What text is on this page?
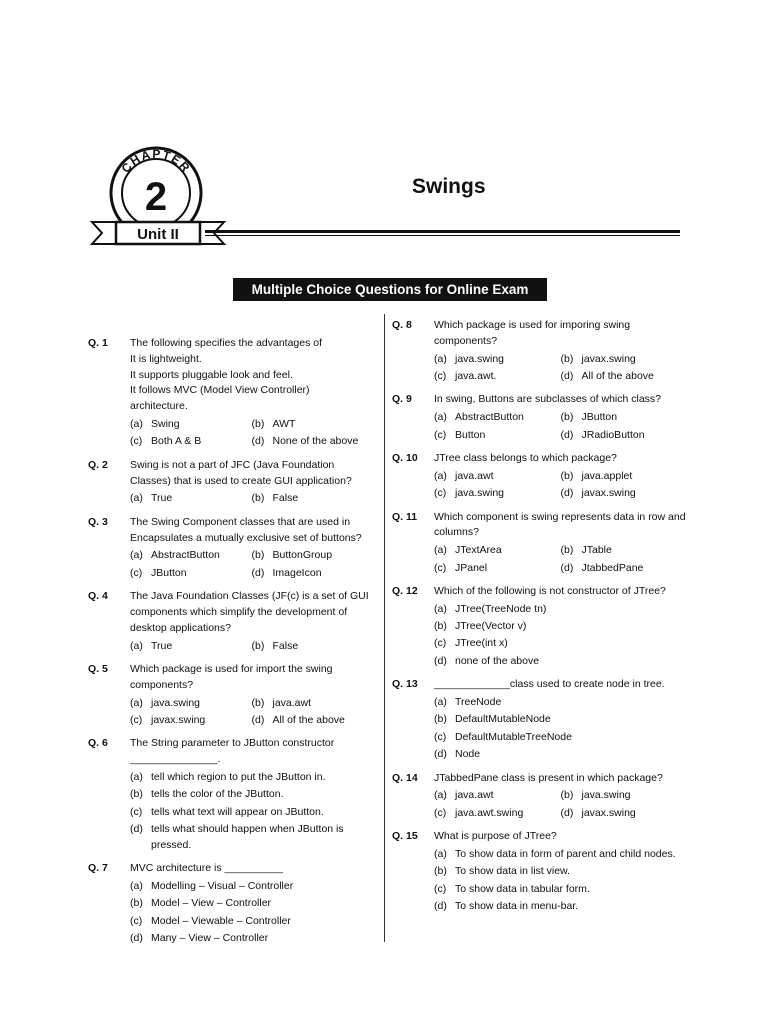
CHAPTER
2
Unit II
Swings
Multiple Choice Questions for Online Exam
Q. 1 The following specifies the advantages of
It is lightweight.
It supports pluggable look and feel.
It follows MVC (Model View Controller)
architecture.
(a) Swing	(b) AWT
(c) Both A & B	(d) None of the above
Q. 2 Swing is not a part of JFC (Java Foundation Classes) that is used to create GUI application?
(a) True	(b) False
Q. 3 The Swing Component classes that are used in Encapsulates a mutually exclusive set of buttons?
(a) AbstractButton	(b) ButtonGroup
(c) JButton	(d) ImageIcon
Q. 4 The Java Foundation Classes (JF(c) is a set of GUI components which simplify the development of desktop applications?
(a) True	(b) False
Q. 5 Which package is used for import the swing components?
(a) java.swing	(b) java.awt
(c) javax.swing	(d) All of the above
Q. 6 The String parameter to JButton constructor _______________.
(a) tell which region to put the JButton in.
(b) tells the color of the JButton.
(c) tells what text will appear on JButton.
(d) tells what should happen when JButton is pressed.
Q. 7 MVC architecture is __________
(a) Modelling – Visual – Controller
(b) Model – View – Controller
(c) Model – Viewable – Controller
(d) Many – View – Controller
Q. 8 Which package is used for imporing swing components?
(a) java.swing	(b) javax.swing
(c) java.awt.	(d) All of the above
Q. 9 In swing, Buttons are subclasses of which class?
(a) AbstractButton	(b) JButton
(c) Button	(d) JRadioButton
Q. 10 JTree class belongs to which package?
(a) java.awt	(b) java.applet
(c) java.swing	(d) javax.swing
Q. 11 Which component is swing represents data in row and columns?
(a) JTextArea	(b) JTable
(c) JPanel	(d) JtabbedPane
Q. 12 Which of the following is not constructor of JTree?
(a) JTree(TreeNode tn)
(b) JTree(Vector v)
(c) JTree(int x)
(d) none of the above
Q. 13 _____________class used to create node in tree.
(a) TreeNode
(b) DefaultMutableNode
(c) DefaultMutableTreeNode
(d) Node
Q. 14 JTabbedPane class is present in which package?
(a) java.awt	(b) java.swing
(c) java.awt.swing	(d) javax.swing
Q. 15 What is purpose of JTree?
(a) To show data in form of parent and child nodes.
(b) To show data in list view.
(c) To show data in tabular form.
(d) To show data in menu-bar.
